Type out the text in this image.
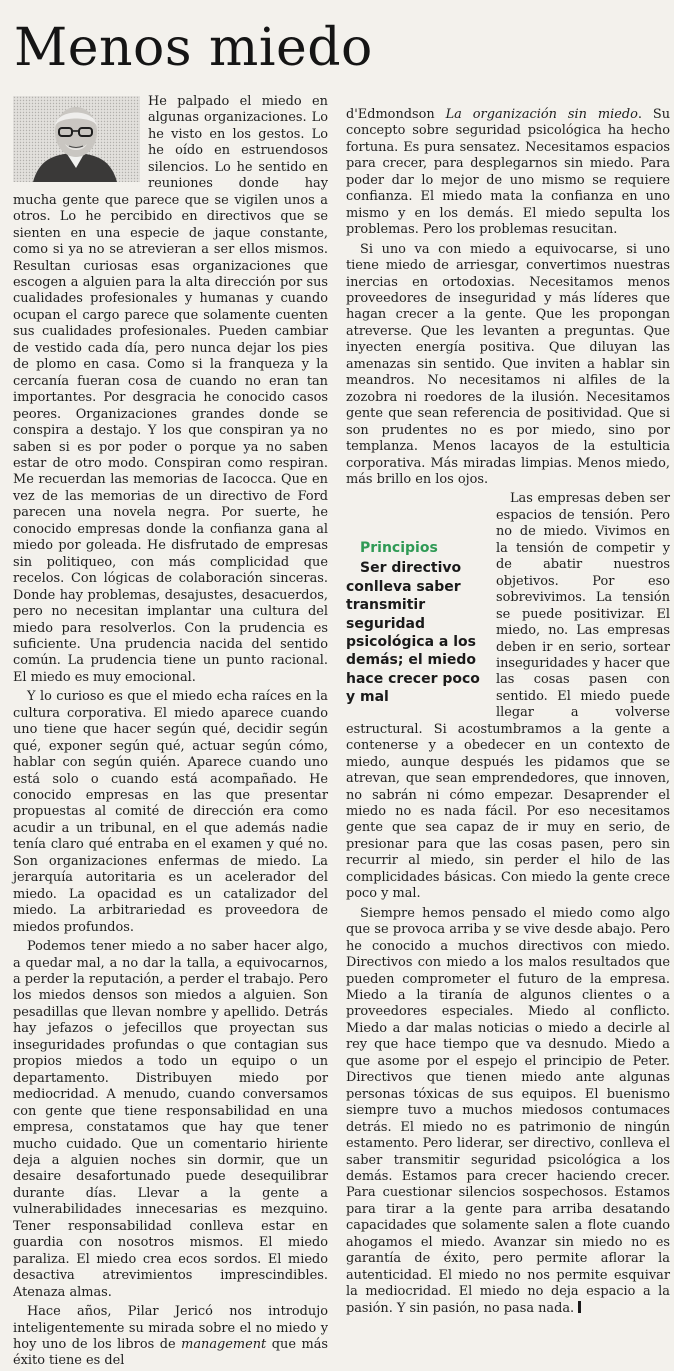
Menos miedo

He palpado el miedo en algunas organizaciones. Lo he visto en los gestos. Lo he oído en estruendosos silencios. Lo he sentido en reuniones donde hay mucha gente que parece que se vigilen unos a otros. Lo he percibido en directivos que se sienten en una especie de jaque constante, como si ya no se atrevieran a ser ellos mismos. Resultan curiosas esas organizaciones que escogen a alguien para la alta dirección por sus cualidades profesionales y humanas y cuando ocupan el cargo parece que solamente cuenten sus cualidades profesionales. Pueden cambiar de vestido cada día, pero nunca dejar los pies de plomo en casa. Como si la franqueza y la cercanía fueran cosa de cuando no eran tan importantes. Por desgracia he conocido casos peores. Organizaciones grandes donde se conspira a destajo. Y los que conspiran ya no saben si es por poder o porque ya no saben estar de otro modo. Conspiran como respiran. Me recuerdan las memorias de Iacocca. Que en vez de las memorias de un directivo de Ford parecen una novela negra. Por suerte, he conocido empresas donde la confianza gana al miedo por goleada. He disfrutado de empresas sin politiqueo, con más complicidad que recelos. Con lógicas de colaboración sinceras. Donde hay problemas, desajustes, desacuerdos, pero no necesitan implantar una cultura del miedo para resolverlos. Con la prudencia es suficiente. Una prudencia nacida del sentido común. La prudencia tiene un punto racional. El miedo es muy emocional.

Y lo curioso es que el miedo echa raíces en la cultura corporativa. El miedo aparece cuando uno tiene que hacer según qué, decidir según qué, exponer según qué, actuar según cómo, hablar con según quién. Aparece cuando uno está solo o cuando está acompañado. He conocido empresas en las que presentar propuestas al comité de dirección era como acudir a un tribunal, en el que además nadie tenía claro qué entraba en el examen y qué no. Son organizaciones enfermas de miedo. La jerarquía autoritaria es un acelerador del miedo. La opacidad es un catalizador del miedo. La arbitrariedad es proveedora de miedos profundos.

Podemos tener miedo a no saber hacer algo, a quedar mal, a no dar la talla, a equivocarnos, a perder la reputación, a perder el trabajo. Pero los miedos densos son miedos a alguien. Son pesadillas que llevan nombre y apellido. Detrás hay jefazos o jefecillos que proyectan sus inseguridades profundas o que contagian sus propios miedos a todo un equipo o un departamento. Distribuyen miedo por mediocridad. A menudo, cuando conversamos con gente que tiene responsabilidad en una empresa, constatamos que hay que tener mucho cuidado. Que un comentario hiriente deja a alguien noches sin dormir, que un desaire desafortunado puede desequilibrar durante días. Llevar a la gente a vulnerabilidades innecesarias es mezquino. Tener responsabilidad conlleva estar en guardia con nosotros mismos. El miedo paraliza. El miedo crea ecos sordos. El miedo desactiva atrevimientos imprescindibles. Atenaza almas.

Hace años, Pilar Jericó nos introdujo inteligentemente su mirada sobre el no miedo y hoy uno de los libros de management que más éxito tiene es del

d'Edmondson La organización sin miedo. Su concepto sobre seguridad psicológica ha hecho fortuna. Es pura sensatez. Necesitamos espacios para crecer, para desplegarnos sin miedo. Para poder dar lo mejor de uno mismo se requiere confianza. El miedo mata la confianza en uno mismo y en los demás. El miedo sepulta los problemas. Pero los problemas resucitan.

Si uno va con miedo a equivocarse, si uno tiene miedo de arriesgar, convertimos nuestras inercias en ortodoxias. Necesitamos menos proveedores de inseguridad y más líderes que hagan crecer a la gente. Que les propongan atreverse. Que les levanten a preguntas. Que inyecten energía positiva. Que diluyan las amenazas sin sentido. Que inviten a hablar sin meandros. No necesitamos ni alfiles de la zozobra ni roedores de la ilusión. Necesitamos gente que sean referencia de positividad. Que si son prudentes no es por miedo, sino por templanza. Menos lacayos de la estulticia corporativa. Más miradas limpias. Menos miedo, más brillo en los ojos.

Principios
Ser directivo conlleva saber transmitir seguridad psicológica a los demás; el miedo hace crecer poco y mal
Las empresas deben ser espacios de tensión. Pero no de miedo. Vivimos en la tensión de competir y de abatir nuestros objetivos. Por eso sobrevivimos. La tensión se puede positivizar. El miedo, no. Las empresas deben ir en serio, sortear inseguridades y hacer que las cosas pasen con sentido. El miedo puede llegar a volverse estructural. Si acostumbramos a la gente a contenerse y a obedecer en un contexto de miedo, aunque después les pidamos que se atrevan, que sean emprendedores, que innoven, no sabrán ni cómo empezar. Desaprender el miedo no es nada fácil. Por eso necesitamos gente que sea capaz de ir muy en serio, de presionar para que las cosas pasen, pero sin recurrir al miedo, sin perder el hilo de las complicidades básicas. Con miedo la gente crece poco y mal.

Siempre hemos pensado el miedo como algo que se provoca arriba y se vive desde abajo. Pero he conocido a muchos directivos con miedo. Directivos con miedo a los malos resultados que pueden comprometer el futuro de la empresa. Miedo a la tiranía de algunos clientes o a proveedores especiales. Miedo al conflicto. Miedo a dar malas noticias o miedo a decirle al rey que hace tiempo que va desnudo. Miedo a que asome por el espejo el principio de Peter. Directivos que tienen miedo ante algunas personas tóxicas de sus equipos. El buenismo siempre tuvo a muchos miedosos contumaces detrás. El miedo no es patrimonio de ningún estamento. Pero liderar, ser directivo, conlleva el saber transmitir seguridad psicológica a los demás. Estamos para crecer haciendo crecer. Para cuestionar silencios sospechosos. Estamos para tirar a la gente para arriba desatando capacidades que solamente salen a flote cuando ahogamos el miedo. Avanzar sin miedo no es garantía de éxito, pero permite aflorar la autenticidad. El miedo no nos permite esquivar la mediocridad. El miedo no deja espacio a la pasión. Y sin pasión, no pasa nada.
